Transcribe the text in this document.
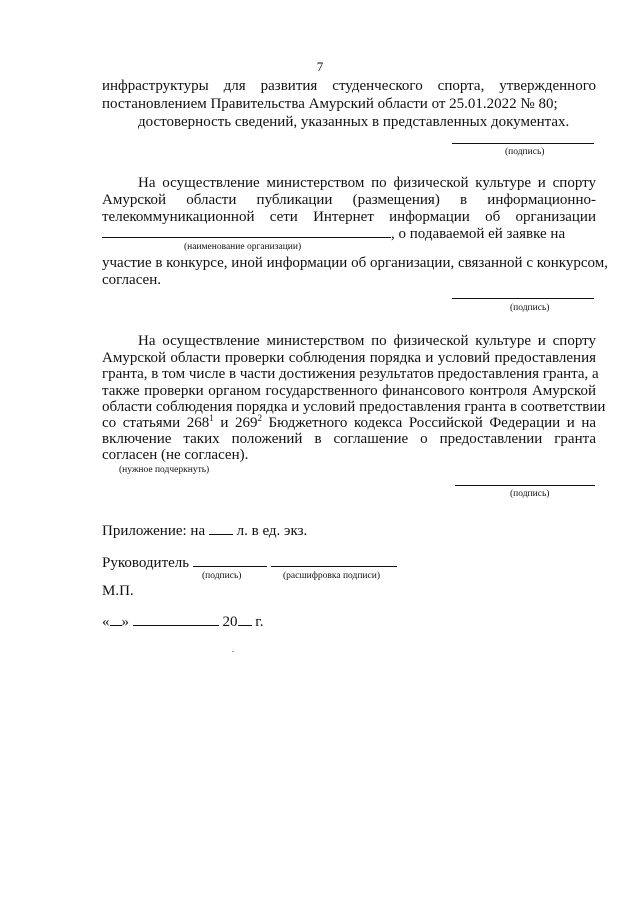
7
инфраструктуры для развития студенческого спорта, утвержденного
постановлением Правительства Амурский области от 25.01.2022 № 80;
достоверность сведений, указанных в представленных документах.
(подпись)
На осуществление министерством по физической культуре и спорту
Амурской области публикации (размещения) в информационно-
телекоммуникационной сети Интернет информации об организации
, о подаваемой ей заявке на
(наименование организации)
участие в конкурсе, иной информации об организации, связанной с конкурсом,
согласен.
(подпись)
На осуществление министерством по физической культуре и спорту
Амурской области проверки соблюдения порядка и условий предоставления
гранта, в том числе в части достижения результатов предоставления гранта, а
также проверки органом государственного финансового контроля Амурской
области соблюдения порядка и условий предоставления гранта в соответствии
со статьями $268^1$ и $269^2$ Бюджетного кодекса Российской Федерации и на
включение таких положений в соглашение о предоставлении гранта
согласен (не согласен).
(нужное подчеркнуть)
(подпись)
Приложение: на л. в ед. экз.
Руководитель
(подпись)	(расшифровка подписи)
М.П.
« »	20 г.
